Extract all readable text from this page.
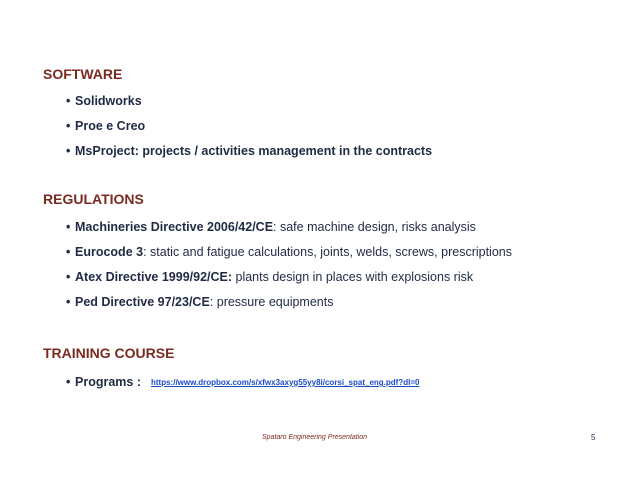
SOFTWARE
• Solidworks
• Proe e Creo
• MsProject: projects / activities management in the contracts
REGULATIONS
• Machineries Directive 2006/42/CE: safe machine design, risks analysis
• Eurocode 3: static and fatigue calculations, joints, welds, screws, prescriptions
• Atex Directive 1999/92/CE: plants design in places with explosions risk
• Ped Directive 97/23/CE: pressure equipments
TRAINING COURSE
• Programs : https://www.dropbox.com/s/xfwx3axyg55yy8i/corsi_spat_eng.pdf?dl=0
Spataro Engineering Presentation	5
